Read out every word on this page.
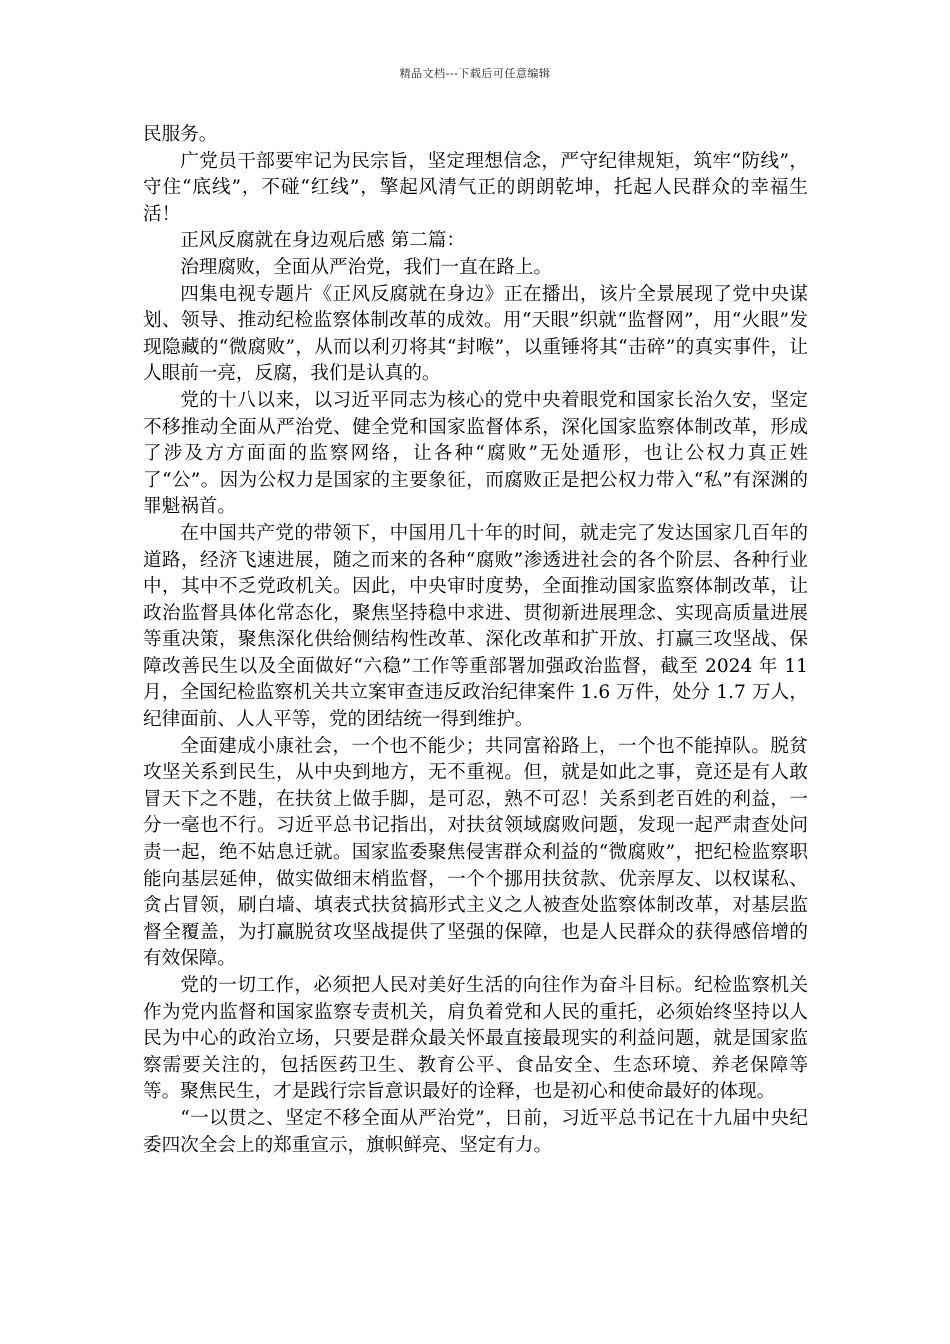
精品文档---下载后可任意编辑

民服务。

广党员干部要牢记为民宗旨，坚定理想信念，严守纪律规矩，筑牢“防线”，守住“底线”，不碰“红线”，擎起风清气正的朗朗乾坤，托起人民群众的幸福生活！

正风反腐就在身边观后感 第二篇：

治理腐败，全面从严治党，我们一直在路上。

四集电视专题片《正风反腐就在身边》正在播出，该片全景展现了党中央谋划、领导、推动纪检监察体制改革的成效。用“天眼”织就“监督网”，用“火眼”发现隐藏的“微腐败”，从而以利刃将其“封喉”，以重锤将其“击碎”的真实事件，让人眼前一亮，反腐，我们是认真的。

党的十八以来，以习近平同志为核心的党中央着眼党和国家长治久安，坚定不移推动全面从严治党、健全党和国家监督体系，深化国家监察体制改革，形成了涉及方方面面的监察网络，让各种“腐败”无处遁形，也让公权力真正姓了“公”。因为公权力是国家的主要象征，而腐败正是把公权力带入“私”有深渊的罪魁祸首。

在中国共产党的带领下，中国用几十年的时间，就走完了发达国家几百年的道路，经济飞速进展，随之而来的各种“腐败”渗透进社会的各个阶层、各种行业中，其中不乏党政机关。因此，中央审时度势，全面推动国家监察体制改革，让政治监督具体化常态化，聚焦坚持稳中求进、贯彻新进展理念、实现高质量进展等重决策，聚焦深化供给侧结构性改革、深化改革和扩开放、打赢三攻坚战、保障改善民生以及全面做好“六稳”工作等重部署加强政治监督，截至 2024 年 11 月，全国纪检监察机关共立案审查违反政治纪律案件 1.6 万件，处分 1.7 万人，纪律面前、人人平等，党的团结统一得到维护。

全面建成小康社会，一个也不能少；共同富裕路上，一个也不能掉队。脱贫攻坚关系到民生，从中央到地方，无不重视。但，就是如此之事，竟还是有人敢冒天下之不韪，在扶贫上做手脚，是可忍，熟不可忍！关系到老百姓的利益，一分一毫也不行。习近平总书记指出，对扶贫领域腐败问题，发现一起严肃查处问责一起，绝不姑息迁就。国家监委聚焦侵害群众利益的“微腐败”，把纪检监察职能向基层延伸，做实做细末梢监督，一个个挪用扶贫款、优亲厚友、以权谋私、贪占冒领，刷白墙、填表式扶贫搞形式主义之人被查处监察体制改革，对基层监督全覆盖，为打赢脱贫攻坚战提供了坚强的保障，也是人民群众的获得感倍增的有效保障。

党的一切工作，必须把人民对美好生活的向往作为奋斗目标。纪检监察机关作为党内监督和国家监察专责机关，肩负着党和人民的重托，必须始终坚持以人民为中心的政治立场，只要是群众最关怀最直接最现实的利益问题，就是国家监察需要关注的，包括医药卫生、教育公平、食品安全、生态环境、养老保障等等。聚焦民生，才是践行宗旨意识最好的诠释，也是初心和使命最好的体现。

“一以贯之、坚定不移全面从严治党”，日前，习近平总书记在十九届中央纪委四次全会上的郑重宣示，旗帜鲜亮、坚定有力。
